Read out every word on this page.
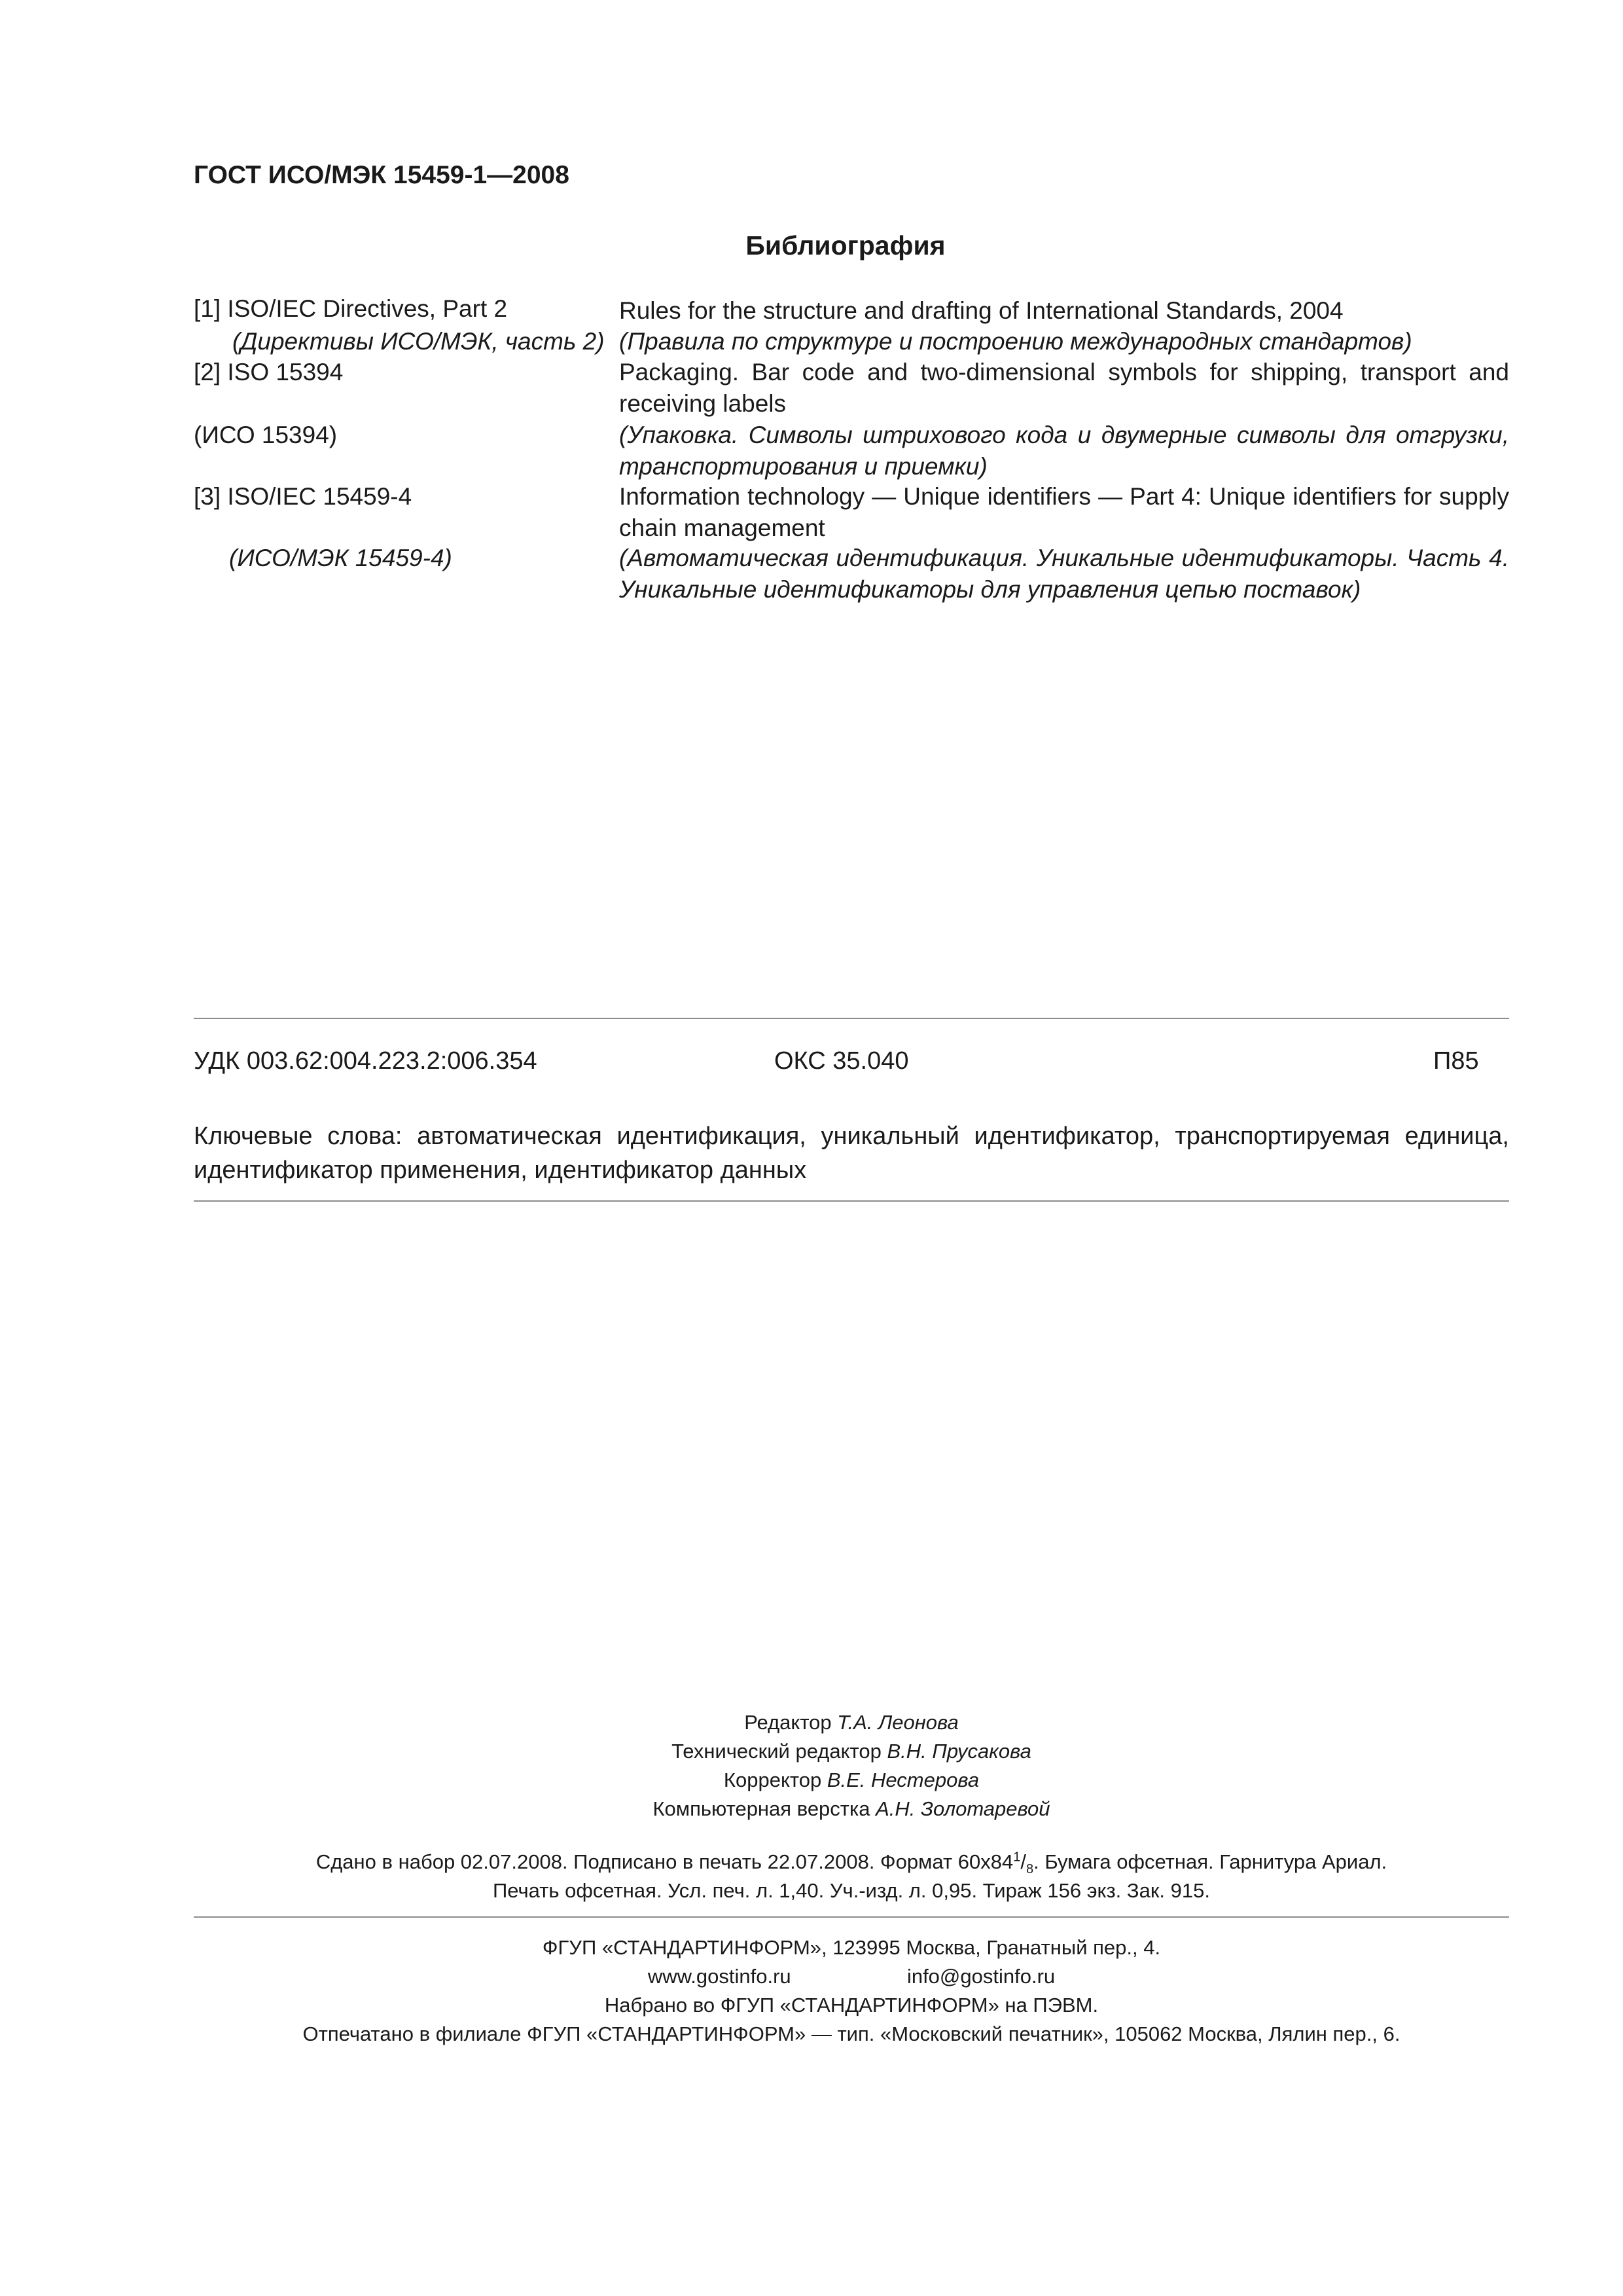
ГОСТ ИСО/МЭК 15459-1—2008
Библиография
[1] ISO/IEC Directives, Part 2	Rules for the structure and drafting of International Standards, 2004
(Директивы ИСО/МЭК, часть 2) (Правила по структуре и построению международных стандартов)
[2] ISO 15394	Packaging. Bar code and two-dimensional symbols for shipping, transport and receiving labels
(ИСО 15394)	(Упаковка. Символы штрихового кода и двумерные символы для отгрузки, транспортирования и приемки)
[3] ISO/IEC 15459-4	Information technology — Unique identifiers — Part 4: Unique identifiers for supply chain management
(ИСО/МЭК 15459-4)	(Автоматическая идентификация. Уникальные идентификаторы. Часть 4. Уникальные идентификаторы для управления цепью поставок)
УДК 003.62:004.223.2:006.354	ОКС 35.040	П85
Ключевые слова: автоматическая идентификация, уникальный идентификатор, транспортируемая единица, идентификатор применения, идентификатор данных
Редактор Т.А. Леонова
Технический редактор В.Н. Прусакова
Корректор В.Е. Нестерова
Компьютерная верстка А.Н. Золотаревой
Сдано в набор 02.07.2008. Подписано в печать 22.07.2008. Формат $60x84^1/_8$. Бумага офсетная. Гарнитура Ариал.
Печать офсетная. Усл. печ. л. 1,40. Уч.-изд. л. 0,95. Тираж 156 экз. Зак. 915.
ФГУП «СТАНДАРТИНФОРМ», 123995 Москва, Гранатный пер., 4.
www.gostinfo.ru	info@gostinfo.ru
Набрано во ФГУП «СТАНДАРТИНФОРМ» на ПЭВМ.
Отпечатано в филиале ФГУП «СТАНДАРТИНФОРМ» — тип. «Московский печатник», 105062 Москва, Лялин пер., 6.
